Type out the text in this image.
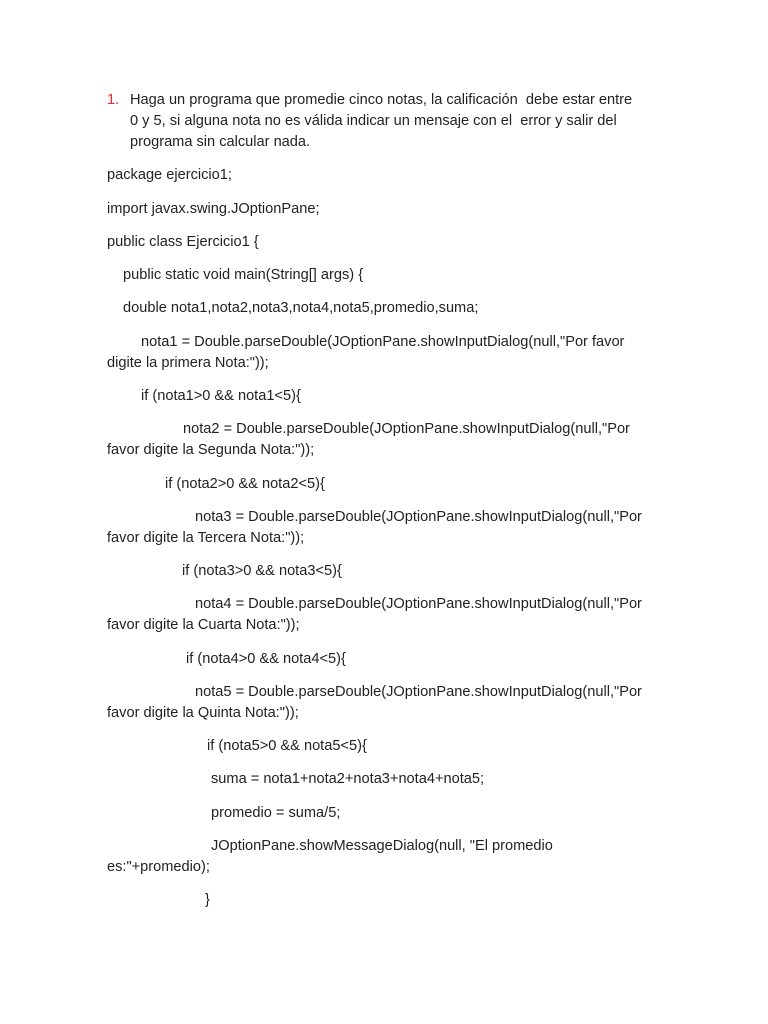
1. Haga un programa que promedie cinco notas, la calificación  debe estar entre

0 y 5, si alguna nota no es válida indicar un mensaje con el  error y salir del

programa sin calcular nada.

package ejercicio1;

import javax.swing.JOptionPane;

public class Ejercicio1 {

public static void main(String[] args) {

double nota1,nota2,nota3,nota4,nota5,promedio,suma;

nota1 = Double.parseDouble(JOptionPane.showInputDialog(null,"Por favor

digite la primera Nota:"));

if (nota1>0 && nota1<5){

nota2 = Double.parseDouble(JOptionPane.showInputDialog(null,"Por

favor digite la Segunda Nota:"));

if (nota2>0 && nota2<5){

nota3 = Double.parseDouble(JOptionPane.showInputDialog(null,"Por

favor digite la Tercera Nota:"));

if (nota3>0 && nota3<5){

nota4 = Double.parseDouble(JOptionPane.showInputDialog(null,"Por

favor digite la Cuarta Nota:"));

if (nota4>0 && nota4<5){

nota5 = Double.parseDouble(JOptionPane.showInputDialog(null,"Por

favor digite la Quinta Nota:"));

if (nota5>0 && nota5<5){

suma = nota1+nota2+nota3+nota4+nota5;

promedio = suma/5;

JOptionPane.showMessageDialog(null, "El promedio

es:"+promedio);

}
